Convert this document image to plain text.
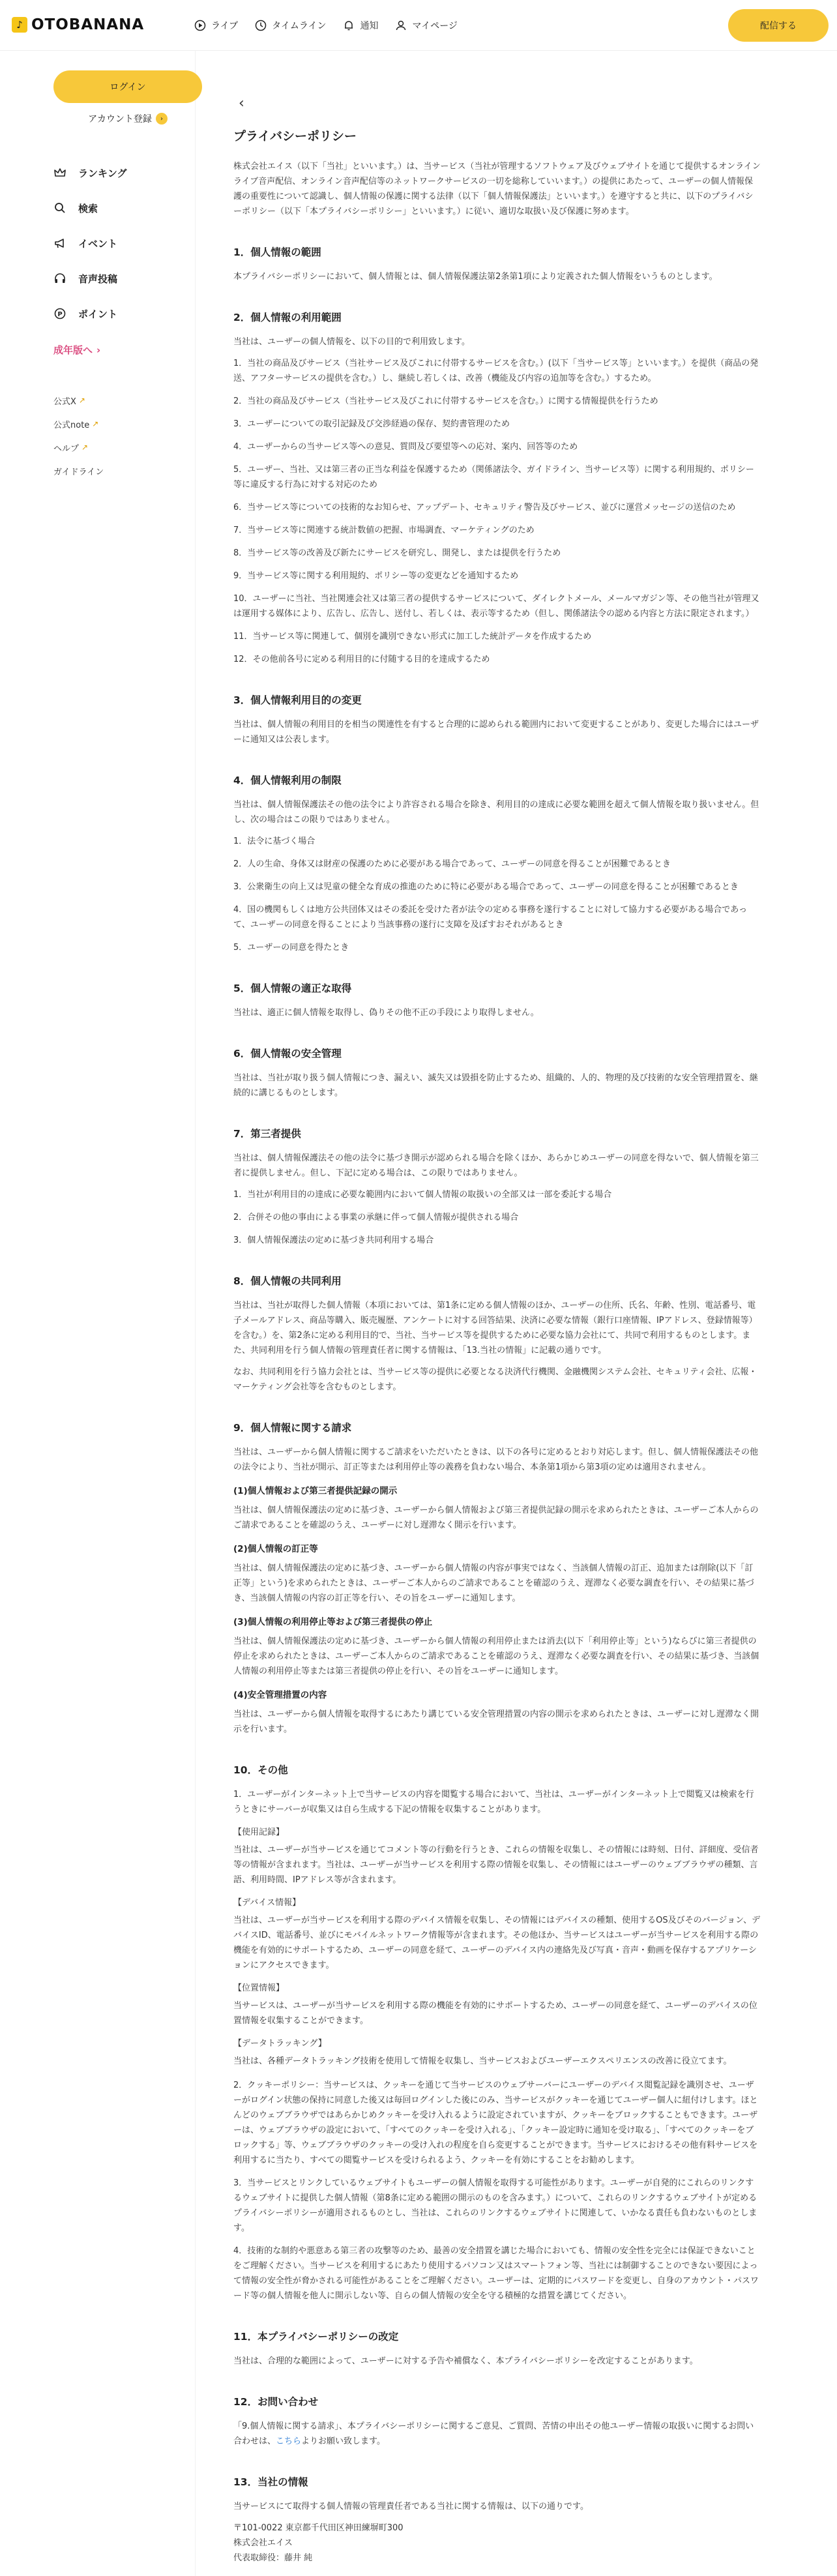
♪ OTOBANANA	ライブ	タイムライン	通知	マイページ	配信する
ログイン
アカウント登録	›
ランキング
検索
イベント
音声投稿
P ポイント
成年版へ ›
公式X ↗
公式note ↗
ヘルプ ↗
ガイドライン
‹
プライバシーポリシー

株式会社エイス（以下「当社」といいます。）は、当サービス（当社が管理するソフトウェア及びウェブサイトを通じて提供するオンラインライブ音声配信、オンライン音声配信等のネットワークサービスの一切を総称していいます。）の提供にあたって、ユーザーの個人情報保護の重要性について認識し、個人情報の保護に関する法律（以下「個人情報保護法」といいます。）を遵守すると共に、以下のプライバシーポリシー（以下「本プライバシーポリシー」といいます。）に従い、適切な取扱い及び保護に努めます。

1．個人情報の範囲

本プライバシーポリシーにおいて、個人情報とは、個人情報保護法第2条第1項により定義された個人情報をいうものとします。

2．個人情報の利用範囲

当社は、ユーザーの個人情報を、以下の目的で利用致します。

1．当社の商品及びサービス（当社サービス及びこれに付帯するサービスを含む。）(以下「当サービス等」といいます。）を提供（商品の発送、アフターサービスの提供を含む。）し、継続し若しくは、改善（機能及び内容の追加等を含む。）するため。
2．当社の商品及びサービス（当社サービス及びこれに付帯するサービスを含む。）に関する情報提供を行うため
3．ユーザーについての取引記録及び交渉経過の保存、契約書管理のため
4．ユーザーからの当サービス等への意見、質問及び要望等への応対、案内、回答等のため
5．ユーザー、当社、又は第三者の正当な利益を保護するため（関係諸法令、ガイドライン、当サービス等）に関する利用規約、ポリシー等に違反する行為に対する対応のため
6．当サービス等についての技術的なお知らせ、アップデート、セキュリティ警告及びサービス、並びに運営メッセージの送信のため
7．当サービス等に関連する統計数値の把握、市場調査、マーケティングのため
8．当サービス等の改善及び新たにサービスを研究し、開発し、または提供を行うため
9．当サービス等に関する利用規約、ポリシー等の変更などを通知するため
10．ユーザーに当社、当社関連会社又は第三者の提供するサービスについて、ダイレクトメール、メールマガジン等、その他当社が管理又は運用する媒体により、広告し、広告し、送付し、若しくは、表示等するため（但し、関係諸法令の認める内容と方法に限定されます。）
11．当サービス等に関連して、個別を識別できない形式に加工した統計データを作成するため
12．その他前各号に定める利用目的に付随する目的を達成するため
3．個人情報利用目的の変更

当社は、個人情報の利用目的を相当の関連性を有すると合理的に認められる範囲内において変更することがあり、変更した場合にはユーザーに通知又は公表します。

4．個人情報利用の制限

当社は、個人情報保護法その他の法令により許容される場合を除き、利用目的の達成に必要な範囲を超えて個人情報を取り扱いません。但し、次の場合はこの限りではありません。

1．法令に基づく場合
2．人の生命、身体又は財産の保護のために必要がある場合であって、ユーザーの同意を得ることが困難であるとき
3．公衆衛生の向上又は児童の健全な育成の推進のために特に必要がある場合であって、ユーザーの同意を得ることが困難であるとき
4．国の機関もしくは地方公共団体又はその委託を受けた者が法令の定める事務を遂行することに対して協力する必要がある場合であって、ユーザーの同意を得ることにより当該事務の遂行に支障を及ぼすおそれがあるとき
5．ユーザーの同意を得たとき
5．個人情報の適正な取得

当社は、適正に個人情報を取得し、偽りその他不正の手段により取得しません。

6．個人情報の安全管理

当社は、当社が取り扱う個人情報につき、漏えい、滅失又は毀損を防止するため、組織的、人的、物理的及び技術的な安全管理措置を、継続的に講じるものとします。

7．第三者提供

当社は、個人情報保護法その他の法令に基づき開示が認められる場合を除くほか、あらかじめユーザーの同意を得ないで、個人情報を第三者に提供しません。但し、下記に定める場合は、この限りではありません。

1．当社が利用目的の達成に必要な範囲内において個人情報の取扱いの全部又は一部を委託する場合
2．合併その他の事由による事業の承継に伴って個人情報が提供される場合
3．個人情報保護法の定めに基づき共同利用する場合
8．個人情報の共同利用

当社は、当社が取得した個人情報（本項においては、第1条に定める個人情報のほか、ユーザーの住所、氏名、年齢、性別、電話番号、電子メールアドレス、商品等購入、販売履歴、アンケートに対する回答結果、決済に必要な情報（銀行口座情報、IPアドレス、登録情報等）を含む。）を、第2条に定める利用目的で、当社、当サービス等を提供するために必要な協力会社にて、共同で利用するものとします。また、共同利用を行う個人情報の管理責任者に関する情報は、「13.当社の情報」に記載の通りです。

なお、共同利用を行う協力会社とは、当サービス等の提供に必要となる決済代行機関、金融機関システム会社、セキュリティ会社、広報・マーケティング会社等を含むものとします。

9．個人情報に関する請求

当社は、ユーザーから個人情報に関するご請求をいただいたときは、以下の各号に定めるとおり対応します。但し、個人情報保護法その他の法令により、当社が開示、訂正等または利用停止等の義務を負わない場合、本条第1項から第3項の定めは適用されません。

(1)個人情報および第三者提供記録の開示

当社は、個人情報保護法の定めに基づき、ユーザーから個人情報および第三者提供記録の開示を求められたときは、ユーザーご本人からのご請求であることを確認のうえ、ユーザーに対し遅滞なく開示を行います。

(2)個人情報の訂正等

当社は、個人情報保護法の定めに基づき、ユーザーから個人情報の内容が事実ではなく、当該個人情報の訂正、追加または削除(以下「訂正等」という)を求められたときは、ユーザーご本人からのご請求であることを確認のうえ、遅滞なく必要な調査を行い、その結果に基づき、当該個人情報の内容の訂正等を行い、その旨をユーザーに通知します。

(3)個人情報の利用停止等および第三者提供の停止

当社は、個人情報保護法の定めに基づき、ユーザーから個人情報の利用停止または消去(以下「利用停止等」という)ならびに第三者提供の停止を求められたときは、ユーザーご本人からのご請求であることを確認のうえ、遅滞なく必要な調査を行い、その結果に基づき、当該個人情報の利用停止等または第三者提供の停止を行い、その旨をユーザーに通知します。

(4)安全管理措置の内容

当社は、ユーザーから個人情報を取得するにあたり講じている安全管理措置の内容の開示を求められたときは、ユーザーに対し遅滞なく開示を行います。

10．その他

1．ユーザーがインターネット上で当サービスの内容を閲覧する場合において、当社は、ユーザーがインターネット上で閲覧又は検索を行うときにサーバーが収集又は自ら生成する下記の情報を収集することがあります。

【使用記録】

当社は、ユーザーが当サービスを通じてコメント等の行動を行うとき、これらの情報を収集し、その情報には時刻、日付、詳細度、受信者等の情報が含まれます。当社は、ユーザーが当サービスを利用する際の情報を収集し、その情報にはユーザーのウェブブラウザの種類、言語、利用時間、IPアドレス等が含まれます。

【デバイス情報】

当社は、ユーザーが当サービスを利用する際のデバイス情報を収集し、その情報にはデバイスの種類、使用するOS及びそのバージョン、デバイスID、電話番号、並びにモバイルネットワーク情報等が含まれます。その他ほか、当サービスはユーザーが当サービスを利用する際の機能を有効的にサポートするため、ユーザーの同意を経て、ユーザーのデバイス内の連絡先及び写真・音声・動画を保存するアプリケーションにアクセスできます。

【位置情報】

当サービスは、ユーザーが当サービスを利用する際の機能を有効的にサポートするため、ユーザーの同意を経て、ユーザーのデバイスの位置情報を収集することができます。

【データトラッキング】

当社は、各種データトラッキング技術を使用して情報を収集し、当サービスおよびユーザーエクスペリエンスの改善に役立てます。

2．クッキーポリシー：当サービスは、クッキーを通じて当サービスのウェブサーバーにユーザーのデバイス閲覧記録を識別させ、ユーザーがログイン状態の保持に同意した後又は毎回ログインした後にのみ、当サービスがクッキーを通じてユーザー個人に紐付けします。ほとんどのウェブブラウザではあらかじめクッキーを受け入れるように設定されていますが、クッキーをブロックすることもできます。ユーザーは、ウェブブラウザの設定において、「すべてのクッキーを受け入れる」、「クッキー設定時に通知を受け取る」、「すべてのクッキーをブロックする」等、ウェブブラウザのクッキーの受け入れの程度を自ら変更することができます。当サービスにおけるその他有料サービスを利用するに当たり、すべての閲覧サービスを受けられるよう、クッキーを有効にすることをお勧めします。
3．当サービスとリンクしているウェブサイトもユーザーの個人情報を取得する可能性があります。ユーザーが自発的にこれらのリンクするウェブサイトに提供した個人情報（第8条に定める範囲の開示のものを含みます。）について、これらのリンクするウェブサイトが定めるプライバシーポリシーが適用されるものとし、当社は、これらのリンクするウェブサイトに関連して、いかなる責任も負わないものとします。
4．技術的な制約や悪意ある第三者の攻撃等のため、最善の安全措置を講じた場合においても、情報の安全性を完全には保証できないことをご理解ください。当サービスを利用するにあたり使用するパソコン又はスマートフォン等、当社には制御することのできない要因によって情報の安全性が脅かされる可能性があることをご理解ください。ユーザーは、定期的にパスワードを変更し、自身のアカウント・パスワード等の個人情報を他人に開示しない等、自らの個人情報の安全を守る積極的な措置を講じてください。
11．本プライバシーポリシーの改定

当社は、合理的な範囲によって、ユーザーに対する予告や補償なく、本プライバシーポリシーを改定することがあります。

12．お問い合わせ

「9.個人情報に関する請求」、本プライバシーポリシーに関するご意見、ご質問、苦情の申出その他ユーザー情報の取扱いに関するお問い合わせは、こちらよりお願い致します。

13．当社の情報

当サービスにて取得する個人情報の管理責任者である当社に関する情報は、以下の通りです。

〒101-0022 東京都千代田区神田練塀町300
株式会社エイス
代表取締役：藤井 純
